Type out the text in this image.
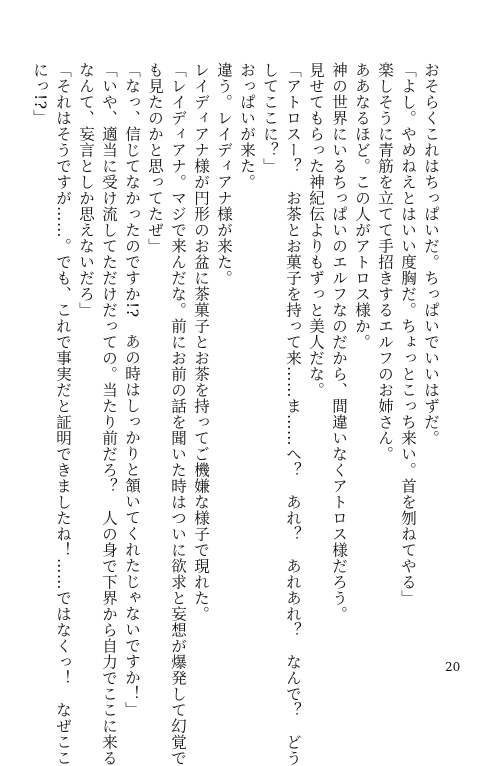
おそらくこれはちっぱいだ。ちっぱいでいいはずだ。
「よし。やめねえとはいい度胸だ。ちょっとこっち来い。首を刎ねてやる」
楽しそうに青筋を立てて手招きするエルフのお姉さん。
ああなるほど。この人がアトロス様か。
神の世界にいるちっぱいのエルフなのだから、間違いなくアトロス様だろう。
見せてもらった神紀伝よりもずっと美人だな。
「アトロスー？　お茶とお菓子を持って来……ま……へ？　あれ？　あれあれ？　なんで？　どう
してここに？」
おっぱいが来た。
違う。レイディアナ様が来た。
レイディアナ様が円形のお盆に茶菓子とお茶を持ってご機嫌な様子で現れた。
「レイディアナ。マジで来んだな。前にお前の話を聞いた時はついに欲求と妄想が爆発して幻覚で
も見たのかと思ってたぜ」
「なっ、信じてなかったのですか!?　あの時はしっかりと頷いてくれたじゃないですか！」
「いや、適当に受け流してただけだっての。当たり前だろ？　人の身で下界から自力でここに来る
なんて、妄言としか思えないだろ」
「それはそうですが……。でも、これで事実だと証明できましたね！……ではなくっ！　なぜここ
にっ!?」
20
